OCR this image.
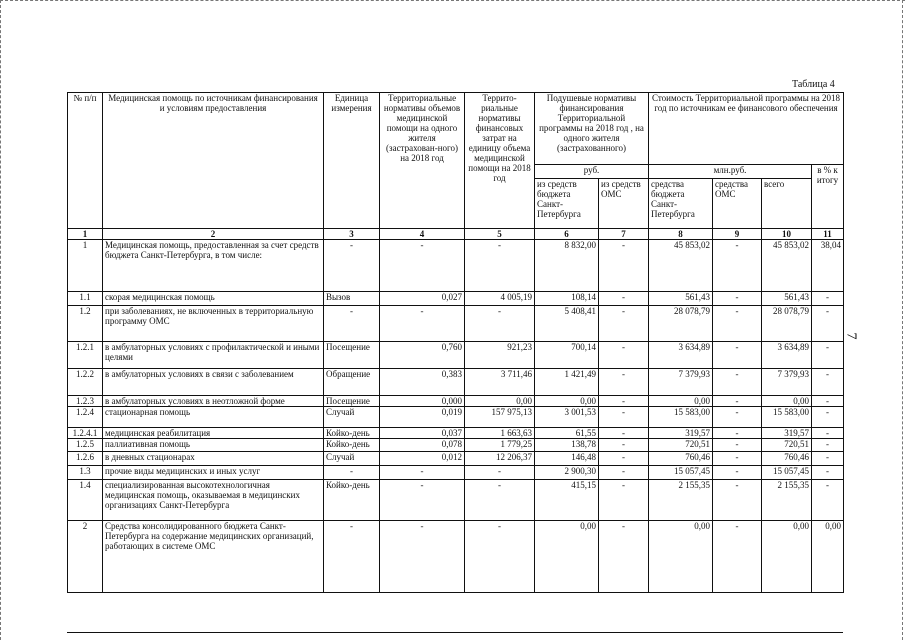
Таблица 4
7
№ п/п	Медицинская помощь по источникам финансирования и условиям предоставления	Единица измерения	Территориальные нормативы объемов медицинской помощи на одного жителя (застрахован-ного) на 2018 год	Террито-риальные нормативы финансовых затрат на единицу объема медицинской помощи на 2018 год	Подушевые нормативы финансирования Территориальной программы на 2018 год , на одного жителя (застрахованного)		Стоимость Территориальной программы на 2018 год по источникам ее финансового обеспечения			
					руб.		млн.руб.			в % к итогу
					из средств бюджета Санкт-Петербурга	из средств ОМС	средства бюджета Санкт-Петербурга	средства ОМС	всего	
1	2	3	4	5	6	7	8	9	10	11
1	Медицинская помощь, предоставленная за счет средств бюджета Санкт-Петербурга, в том числе:	-	-	-	8 832,00	-	45 853,02	-	45 853,02	38,04
1.1	скорая медицинская помощь	Вызов	0,027	4 005,19	108,14	-	561,43	-	561,43	-
1.2	при заболеваниях, не включенных в территориальную программу ОМС	-	-	-	5 408,41	-	28 078,79	-	28 078,79	-
1.2.1	в амбулаторных условиях с профилактической и иными целями	Посещение	0,760	921,23	700,14	-	3 634,89	-	3 634,89	-
1.2.2	в амбулаторных условиях в связи с заболеванием	Обращение	0,383	3 711,46	1 421,49	-	7 379,93	-	7 379,93	-
1.2.3	в амбулаторных условиях в неотложной форме	Посещение	0,000	0,00	0,00	-	0,00	-	0,00	-
1.2.4	стационарная помощь	Случай	0,019	157 975,13	3 001,53	-	15 583,00	-	15 583,00	-
1.2.4.1	медицинская реабилитация	Койко-день	0,037	1 663,63	61,55	-	319,57	-	319,57	-
1.2.5	паллиативная помощь	Койко-день	0,078	1 779,25	138,78	-	720,51	-	720,51	-
1.2.6	в дневных стационарах	Случай	0,012	12 206,37	146,48	-	760,46	-	760,46	-
1.3	прочие виды медицинских и иных услуг	-	-	-	2 900,30	-	15 057,45	-	15 057,45	-
1.4	специализированная высокотехнологичная медицинская помощь, оказываемая в медицинских организациях Санкт-Петербурга	Койко-день	-	-	415,15	-	2 155,35	-	2 155,35	-
2	Средства консолидированного бюджета Санкт-Петербурга на содержание медицинских организаций, работающих в системе ОМС	-	-	-	0,00	-	0,00	-	0,00	0,00
